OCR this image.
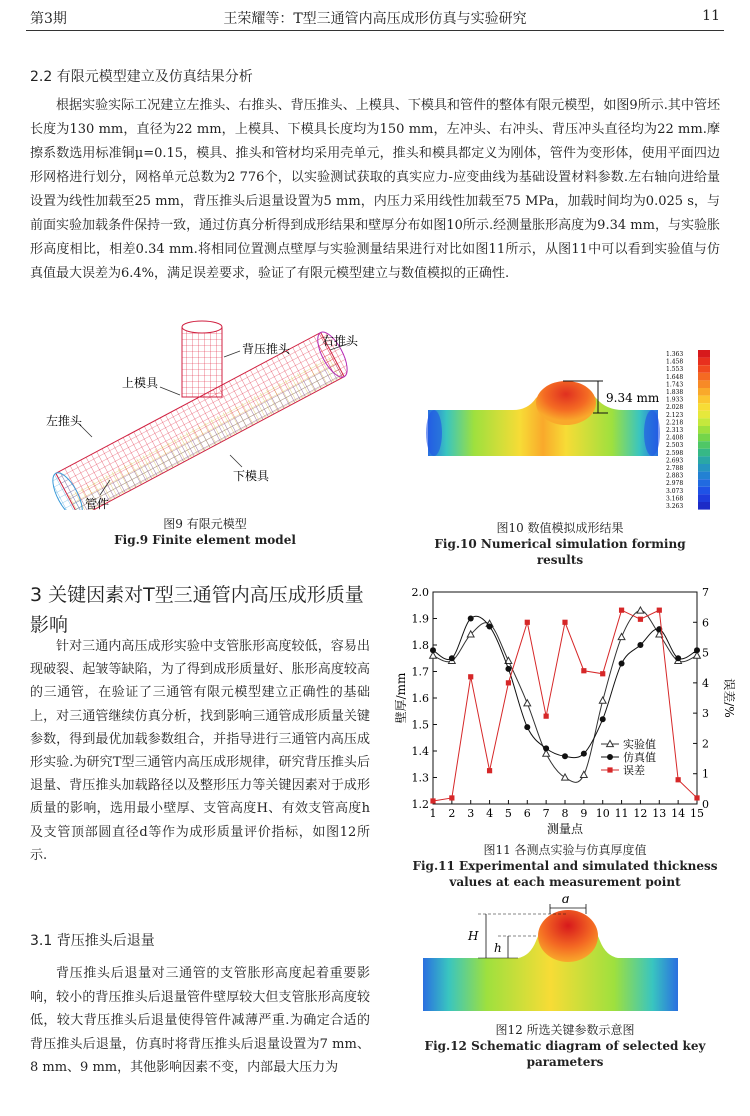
第3期	王荣耀等：T型三通管内高压成形仿真与实验研究	11
2.2 有限元模型建立及仿真结果分析

根据实验实际工况建立左推头、右推头、背压推头、上模具、下模具和管件的整体有限元模型，如图9所示.其中管坯长度为130 mm，直径为22 mm，上模具、下模具长度均为150 mm，左冲头、右冲头、背压冲头直径均为22 mm.摩擦系数选用标准铜μ=0.15，模具、推头和管材均采用壳单元，推头和模具都定义为刚体，管件为变形体，使用平面四边形网格进行划分，网格单元总数为2 776个，以实验测试获取的真实应力-应变曲线为基础设置材料参数.左右轴向进给量设置为线性加载至25 mm，背压推头后退量设置为5 mm，内压力采用线性加载至75 MPa，加载时间均为0.025 s，与前面实验加载条件保持一致，通过仿真分析得到成形结果和壁厚分布如图10所示.经测量胀形高度为9.34 mm，与实验胀形高度相比，相差0.34 mm.将相同位置测点壁厚与实验测量结果进行对比如图11所示，从图11中可以看到实验值与仿真值最大误差为6.4%，满足误差要求，验证了有限元模型建立与数值模拟的正确性.

背压推头
右推头
上模具
左推头
下模具
管件
图9 有限元模型
Fig.9 Finite element model
9.34 mm
1.363
1.458
1.553
1.648
1.743
1.838
1.933
2.028
2.123
2.218
2.313
2.408
2.503
2.598
2.693
2.788
2.883
2.978
3.073
3.168
3.263
图10 数值模拟成形结果
Fig.10 Numerical simulation forming results
3 关键因素对T型三通管内高压成形质量影响

针对三通内高压成形实验中支管胀形高度较低，容易出现破裂、起皱等缺陷，为了得到成形质量好、胀形高度较高的三通管，在验证了三通管有限元模型建立正确性的基础上，对三通管继续仿真分析，找到影响三通管成形质量关键参数，得到最优加载参数组合，并指导进行三通管内高压成形实验.为研究T型三通管内高压成形规律，研究背压推头后退量、背压推头加载路径以及整形压力等关键因素对于成形质量的影响，选用最小壁厚、支管高度H、有效支管高度h及支管顶部圆直径d等作为成形质量评价指标，如图12所示.

1.2
1.3
1.4
1.5
1.6
1.7
1.8
1.9
2.0
0
1
2
3
4
5
6
7
1 2 3 4 5 6 7 8 9 10 11 12 13 14 15
测量点
壁厚/mm	误差/%
实验值
仿真值
误差
图11 各测点实验与仿真厚度值
Fig.11 Experimental and simulated thickness values at each measurement point
3.1 背压推头后退量

背压推头后退量对三通管的支管胀形高度起着重要影响，较小的背压推头后退量管件壁厚较大但支管胀形高度较低，较大背压推头后退量使得管件减薄严重.为确定合适的背压推头后退量，仿真时将背压推头后退量设置为7 mm、8 mm、9 mm，其他影响因素不变，内部最大压力为

d
H
h
图12 所选关键参数示意图
Fig.12 Schematic diagram of selected key parameters
